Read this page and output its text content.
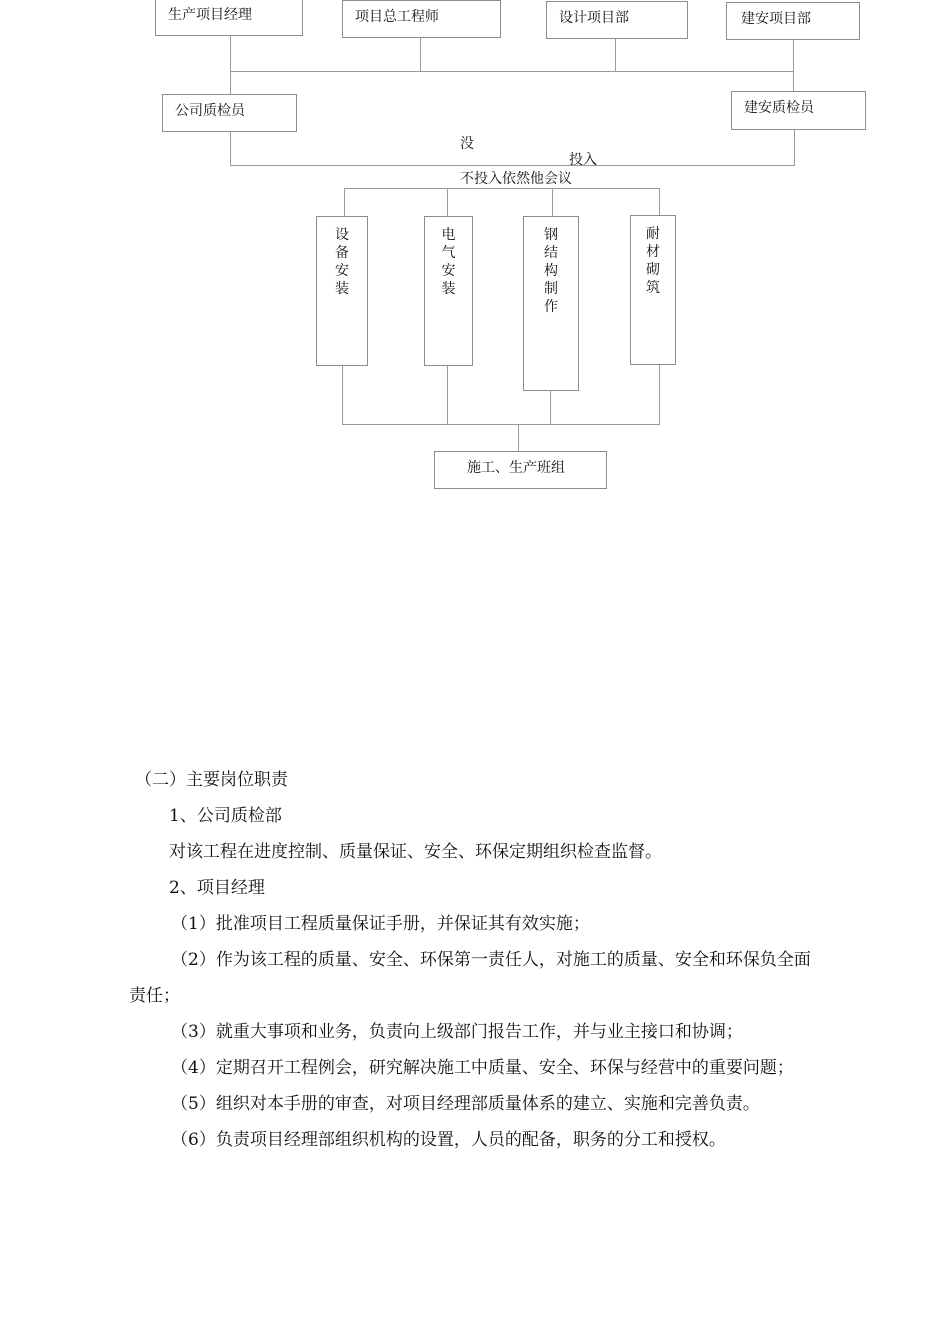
生产项目经理	项目总工程师	设计项目部	建安项目部
公司质检员	建安质检员
没
投入
不投入依然他会议
设备安装
电气安装
钢结构制作
耐材砌筑
施工、生产班组

（二）主要岗位职责

1、公司质检部

对该工程在进度控制、质量保证、安全、环保定期组织检查监督。

2、项目经理

（1）批准项目工程质量保证手册，并保证其有效实施；

（2）作为该工程的质量、安全、环保第一责任人，对施工的质量、安全和环保负全面责任；

（3）就重大事项和业务，负责向上级部门报告工作，并与业主接口和协调；

（4）定期召开工程例会，研究解决施工中质量、安全、环保与经营中的重要问题；

（5）组织对本手册的审查，对项目经理部质量体系的建立、实施和完善负责。

（6）负责项目经理部组织机构的设置，人员的配备，职务的分工和授权。
